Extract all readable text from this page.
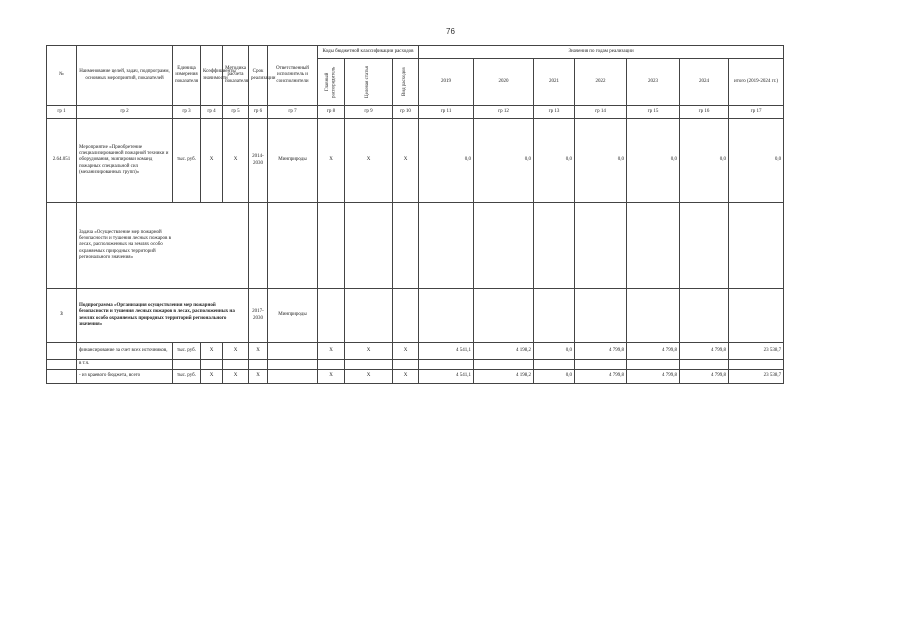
76
№	Наименование целей, задач, подпрограмм, основных мероприятий, показателей	Единица измерения показателя	Коэффициенты значимости	Методика расчета показателя	Срок реализации	Ответственный исполнитель и соисполнители	Коды бюджетной классификации расходов			Значения по годам реализации						

							Главный распорядитель	Целевая статья	Вид расходов	2019	2020	2021	2022	2023	2024	итого (2019-2024 гг.)
гр 1	гр 2	гр 3	гр 4	гр 5	гр 6	гр 7	гр 8	гр 9	гр 10	гр 11	гр 12	гр 13	гр 14	гр 15	гр 16	гр 17
2.64.051	Мероприятие «Приобретение специализированной пожарной техники и оборудования, экипировки команд пожарных специальной сил (механизированных групп)»	тыс. руб.	Х	Х	2014-2030	Минприроды	Х	Х	Х	0,0	0,0	0,0	0,0	0,0	0,0	0,0
	Задача «Осуществление мер пожарной безопасности и тушения лесных пожаров в лесах, расположенных на землях особо охраняемых природных территорий регионального значения»															
3	Подпрограмма «Организация осуществления мер пожарной безопасности и тушения лесных пожаров в лесах, расположенных на землях особо охраняемых природных территорий регионального значения»				2017-2030	Минприроды										
	финансирование за счет всех источников,	тыс. руб.	Х	Х	Х		Х	Х	Х	4 541,1	4 198,2	0,0	4 799,8	4 799,8	4 799,8	23 538,7
	в т.ч.															
	- из краевого бюджета, всего	тыс. руб.	Х	Х	Х		Х	Х	Х	4 541,1	4 198,2	0,0	4 799,8	4 799,8	4 799,8	23 538,7
